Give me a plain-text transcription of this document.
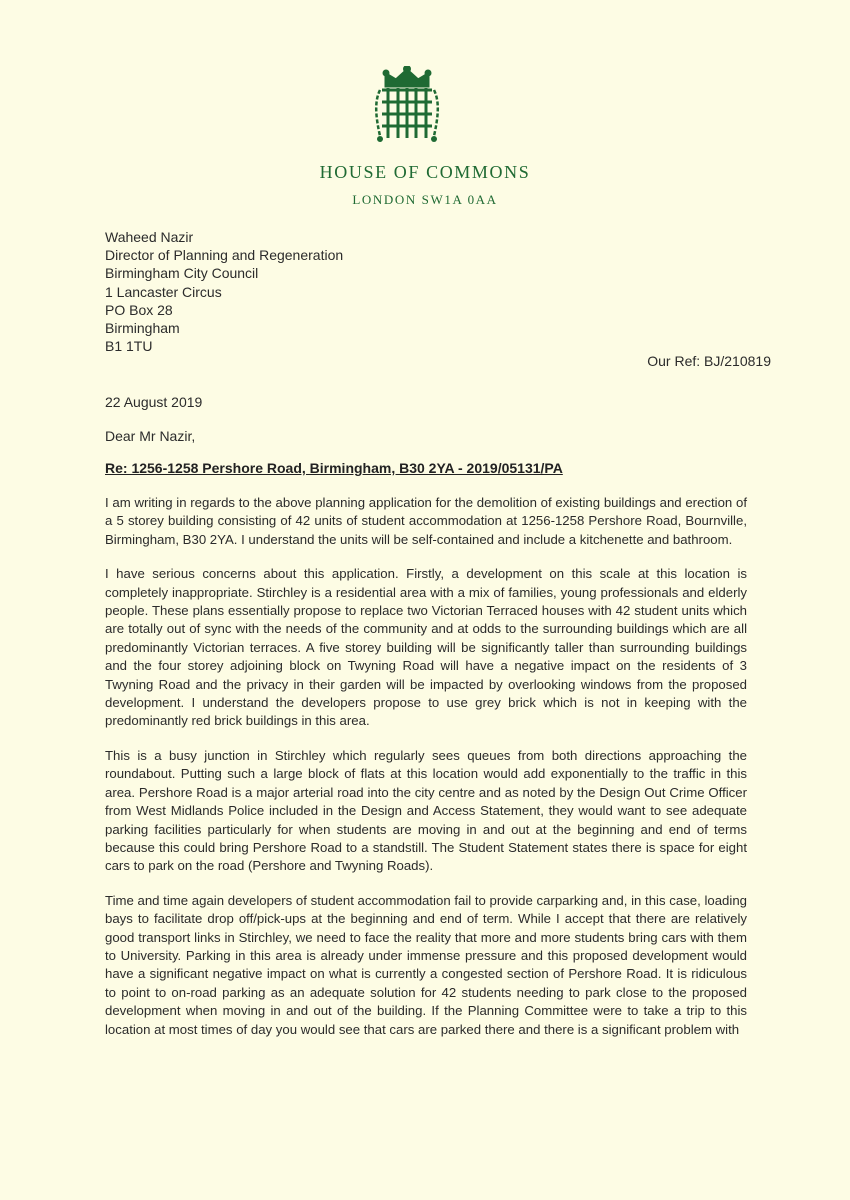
HOUSE OF COMMONS
LONDON SW1A 0AA
Waheed Nazir
Director of Planning and Regeneration
Birmingham City Council
1 Lancaster Circus
PO Box 28
Birmingham
B1 1TU
Our Ref: BJ/210819
22 August 2019
Dear Mr Nazir,
Re: 1256-1258 Pershore Road, Birmingham, B30 2YA - 2019/05131/PA

I am writing in regards to the above planning application for the demolition of existing buildings and erection of a 5 storey building consisting of 42 units of student accommodation at 1256-1258 Pershore Road, Bournville, Birmingham, B30 2YA. I understand the units will be self-contained and include a kitchenette and bathroom.

I have serious concerns about this application. Firstly, a development on this scale at this location is completely inappropriate. Stirchley is a residential area with a mix of families, young professionals and elderly people. These plans essentially propose to replace two Victorian Terraced houses with 42 student units which are totally out of sync with the needs of the community and at odds to the surrounding buildings which are all predominantly Victorian terraces. A five storey building will be significantly taller than surrounding buildings and the four storey adjoining block on Twyning Road will have a negative impact on the residents of 3 Twyning Road and the privacy in their garden will be impacted by overlooking windows from the proposed development. I understand the developers propose to use grey brick which is not in keeping with the predominantly red brick buildings in this area.

This is a busy junction in Stirchley which regularly sees queues from both directions approaching the roundabout. Putting such a large block of flats at this location would add exponentially to the traffic in this area. Pershore Road is a major arterial road into the city centre and as noted by the Design Out Crime Officer from West Midlands Police included in the Design and Access Statement, they would want to see adequate parking facilities particularly for when students are moving in and out at the beginning and end of terms because this could bring Pershore Road to a standstill. The Student Statement states there is space for eight cars to park on the road (Pershore and Twyning Roads).

Time and time again developers of student accommodation fail to provide carparking and, in this case, loading bays to facilitate drop off/pick-ups at the beginning and end of term. While I accept that there are relatively good transport links in Stirchley, we need to face the reality that more and more students bring cars with them to University. Parking in this area is already under immense pressure and this proposed development would have a significant negative impact on what is currently a congested section of Pershore Road. It is ridiculous to point to on-road parking as an adequate solution for 42 students needing to park close to the proposed development when moving in and out of the building. If the Planning Committee were to take a trip to this location at most times of day you would see that cars are parked there and there is a significant problem with
